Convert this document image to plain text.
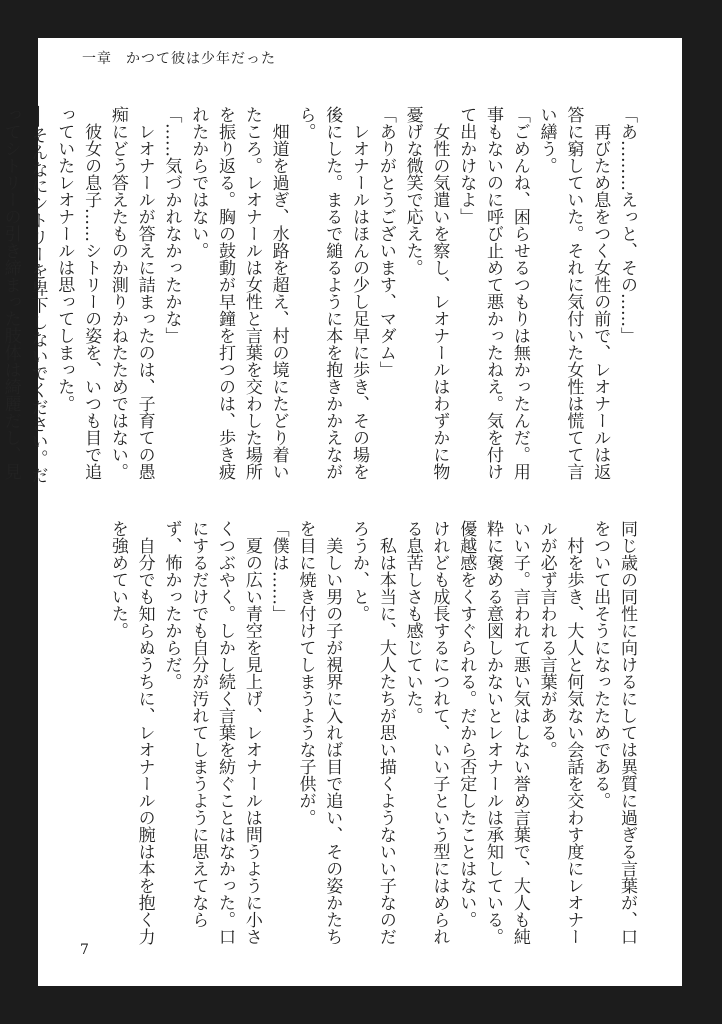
一章 かつて彼は少年だった

「あ………えっと、その……」

再びため息をつく女性の前で、レオナールは返答に窮していた。それに気付いた女性は慌てて言い繕う。

「ごめんね、困らせるつもりは無かったんだ。用事もないのに呼び止めて悪かったねえ。気を付けて出かけなよ」

女性の気遣いを察し、レオナールはわずかに物憂げな微笑で応えた。

「ありがとうございます、マダム」

レオナールはほんの少し足早に歩き、その場を後にした。まるで縋るように本を抱きかかえながら。

畑道を過ぎ、水路を超え、村の境にたどり着いたころ。レオナールは女性と言葉を交わした場所を振り返る。胸の鼓動が早鐘を打つのは、歩き疲れたからではない。

「……気づかれなかったかな」

レオナールが答えに詰まったのは、子育ての愚痴にどう答えたものか測りかねたためではない。

彼女の息子……シトリーの姿を、いつも目で追っていたレオナールは思ってしまった。

──そんなにシトリーを卑下しないでください。だってシトリーの引き締まった肢体は綺麗だし、見

同じ歳の同性に向けるにしては異質に過ぎる言葉が、口をついて出そうになったためである。

村を歩き、大人と何気ない会話を交わす度にレオナールが必ず言われる言葉がある。

いい子。言われて悪い気はしない誉め言葉で、大人も純粋に褒める意図しかないとレオナールは承知している。優越感をくすぐられる。だから否定したことはない。

けれども成長するにつれて、いい子という型にはめられる息苦しさも感じていた。

私は本当に、大人たちが思い描くようないい子なのだろうか、と。

美しい男の子が視界に入れば目で追い、その姿かたちを目に焼き付けてしまうような子供が。

「僕は……」

夏の広い青空を見上げ、レオナールは問うように小さくつぶやく。しかし続く言葉を紡ぐことはなかった。口にするだけでも自分が汚れてしまうように思えてならず、怖かったからだ。

自分でも知らぬうちに、レオナールの腕は本を抱く力を強めていた。

7
